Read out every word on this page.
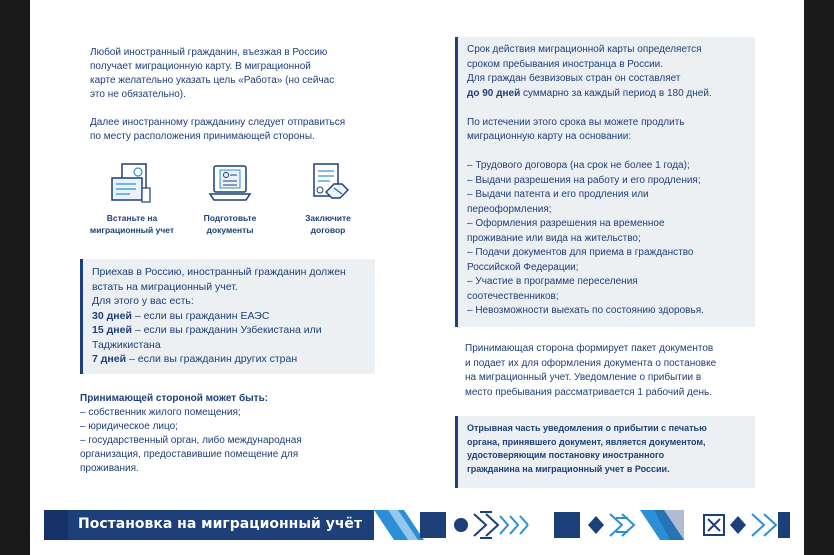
Любой иностранный гражданин, въезжая в Россию

получает миграционную карту. В миграционной

карте желательно указать цель «Работа» (но сейчас

это не обязательно).

Далее иностранному гражданину следует отправиться

по месту расположения принимающей стороны.

Встаньте на
миграционный учет
Подготовьте
документы
Заключите
договор
Приехав в Россию, иностранный гражданин должен
встать на миграционный учет.
Для этого у вас есть:
30 дней – если вы гражданин ЕАЭС
15 дней – если вы гражданин Узбекистана или
Таджикистана
7 дней – если вы гражданин других стран

Принимающей стороной может быть:

– собственник жилого помещения;

– юридическое лицо;

– государственный орган, либо международная

организация, предоставившие помещение для

проживания.

Срок действия миграционной карты определяется
сроком пребывания иностранца в России.
Для граждан безвизовых стран он составляет
до 90 дней суммарно за каждый период в 180 дней.
По истечении этого срока вы можете продлить
миграционную карту на основании:
– Трудового договора (на срок не более 1 года);
– Выдачи разрешения на работу и его продления;
– Выдачи патента и его продления или
переоформления;
– Оформления разрешения на временное
проживание или вида на жительство;
– Подачи документов для приема в гражданство
Российской Федерации;
– Участие в программе переселения
соотечественников;
– Невозможности выехать по состоянию здоровья.

Принимающая сторона формирует пакет документов

и подает их для оформления документа о постановке

на миграционный учет. Уведомление о прибытии в

место пребывания рассматривается 1 рабочий день.

Отрывная часть уведомления о прибытии с печатью
органа, принявшего документ, является документом,
удостоверяющим постановку иностранного
гражданина на миграционный учет в России.
Постановка на миграционный учёт
